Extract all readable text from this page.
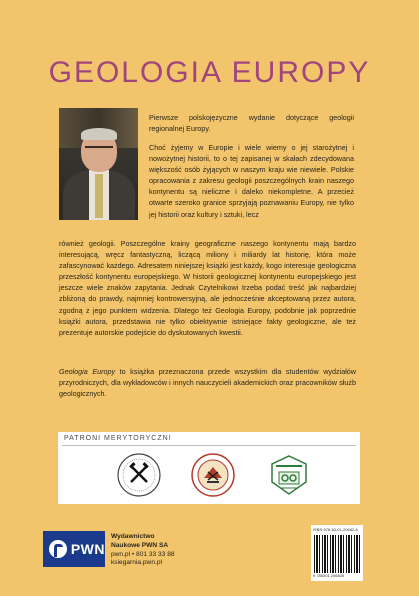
GEOLOGIA EUROPY
Pierwsze polskojęzyczne wydanie dotyczące geologii regionalnej Europy.
Choć żyjemy w Europie i wiele wiemy o jej starożytnej i nowożytnej historii, to o tej zapisanej w skałach zdecydowana większość osób żyjących w naszym kraju wie niewiele. Polskie opracowania z zakresu geologii poszczególnych krain naszego kontynentu są nieliczne i daleko niekompletne. A przecież otwarte szeroko granice sprzyjają poznawaniu Europy, nie tylko jej historii oraz kultury i sztuki, lecz
również geologii. Poszczególne krainy geograficzne naszego kontynentu mają bardzo interesującą, wręcz fantastyczną, liczącą miliony i miliardy lat historię, która może zafascynować każdego. Adresatem niniejszej książki jest każdy, kogo interesuje geologiczna przeszłość kontynentu europejskiego. W historii geologicznej kontynentu europejskiego jest jeszcze wiele znaków zapytania. Jednak Czytelnikowi trzeba podać treść jak najbardziej zbliżoną do prawdy, najmniej kontrowersyjną, ale jednocześnie akceptowaną przez autora, zgodną z jego punktem widzenia. Dlatego też Geologia Europy, podobnie jak poprzednie książki autora, przedstawia nie tylko obiektywnie istniejące fakty geologiczne, ale też prezentuje autorskie podejście do dyskutowanych kwestii.
Geologia Europy to książka przeznaczona przede wszystkim dla studentów wydziałów przyrodniczych, dla wykładowców i innych nauczycieli akademickich oraz pracowników służb geologicznych.
PATRONI MERYTORYCZNI
PWN
Wydawnictwo
Naukowe PWN SA
pwn.pl • 801 33 33 88
ksiegarnia.pwn.pl
ISBN 978-83-01-20682-6
9 788301 206826
